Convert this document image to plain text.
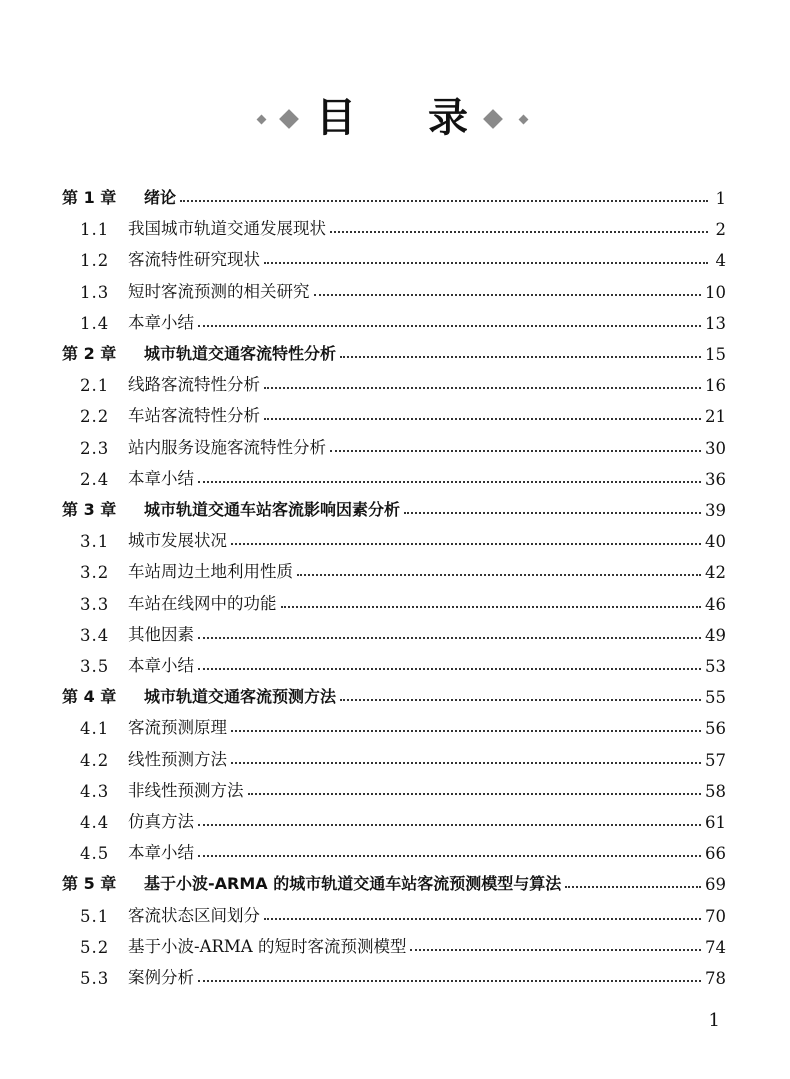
目 录
第 1 章	绪论	1
1.1	我国城市轨道交通发展现状	2
1.2	客流特性研究现状	4
1.3	短时客流预测的相关研究	10
1.4	本章小结	13
第 2 章	城市轨道交通客流特性分析	15
2.1	线路客流特性分析	16
2.2	车站客流特性分析	21
2.3	站内服务设施客流特性分析	30
2.4	本章小结	36
第 3 章	城市轨道交通车站客流影响因素分析	39
3.1	城市发展状况	40
3.2	车站周边土地利用性质	42
3.3	车站在线网中的功能	46
3.4	其他因素	49
3.5	本章小结	53
第 4 章	城市轨道交通客流预测方法	55
4.1	客流预测原理	56
4.2	线性预测方法	57
4.3	非线性预测方法	58
4.4	仿真方法	61
4.5	本章小结	66
第 5 章	基于小波-ARMA 的城市轨道交通车站客流预测模型与算法	69
5.1	客流状态区间划分	70
5.2	基于小波-ARMA 的短时客流预测模型	74
5.3	案例分析	78
1
